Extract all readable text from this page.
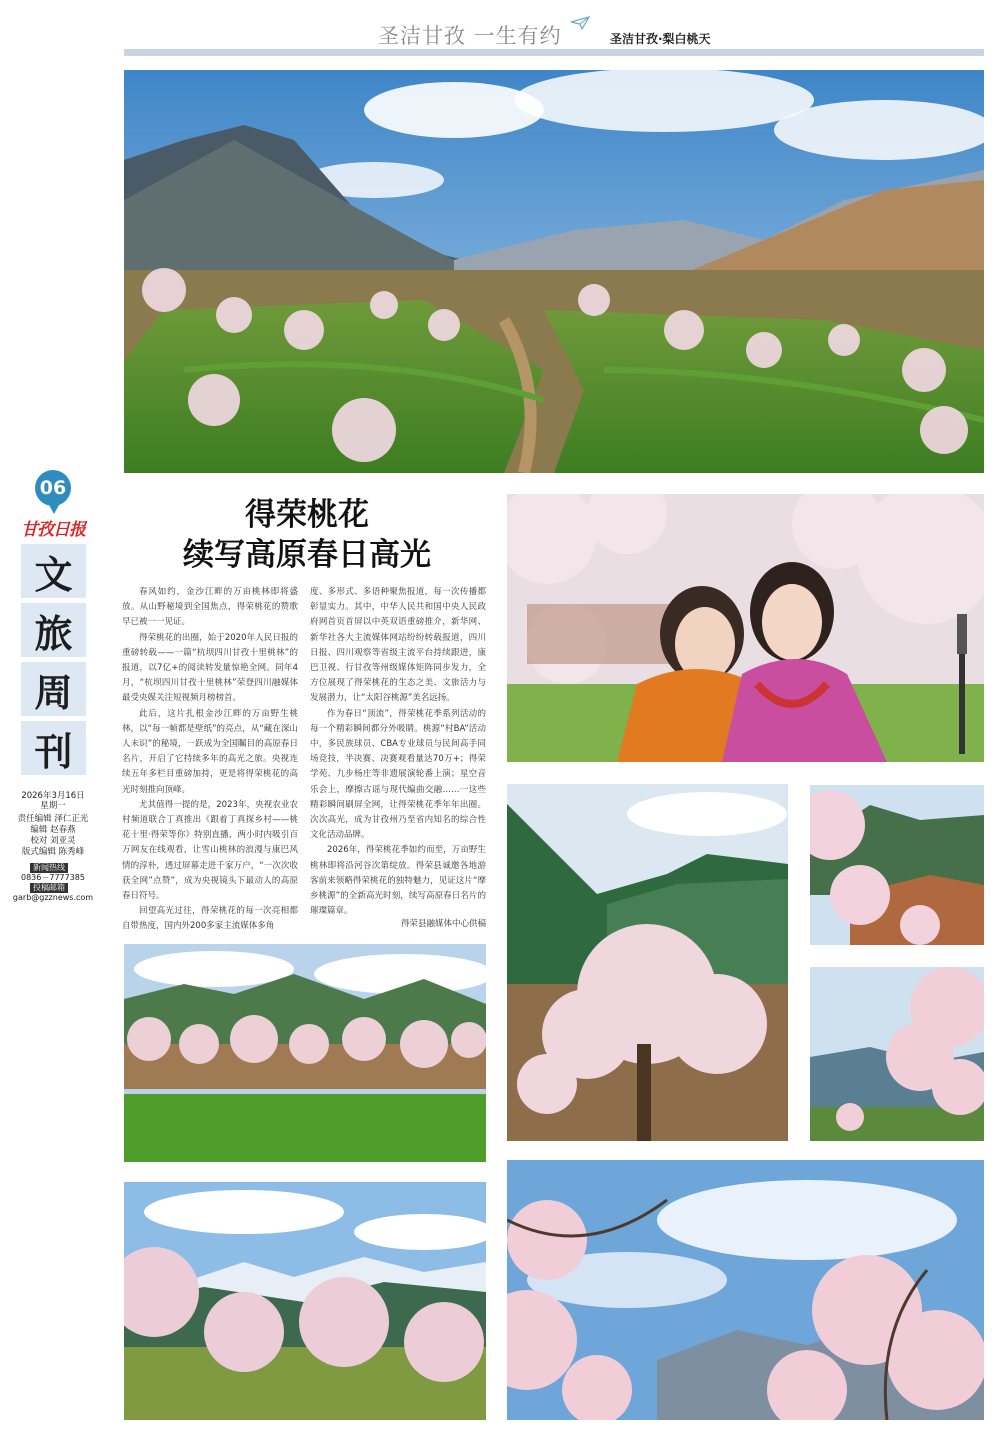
圣洁甘孜 一生有约	圣洁甘孜·梨白桃天
06
甘孜日报
文
旅
周
刊
2026年3月16日
星期一
责任编辑 泽仁正光
编辑 赵春燕
校对 刘亚灵
版式编辑 陈秀峰
新闻热线
0836－7777385
投稿邮箱
garb@gzznews.com
得荣桃花
续写高原春日高光

春风如约，金沙江畔的万亩桃林即将盛放。从山野秘境到全国焦点，得荣桃花的赞歌早已被一一见证。

得荣桃花的出圈，始于2020年人民日报的重磅转载——一篇“杭坝四川甘孜十里桃林”的报道，以7亿+的阅读转发量惊艳全网。同年4月，“杭坝四川甘孜十里桃林”荣登四川融媒体最受央媒关注短视频月榜榜首。

此后，这片扎根金沙江畔的万亩野生桃林，以“每一帧都是壁纸”的亮点，从“藏在深山人未识”的秘境，一跃成为全国瞩目的高原春日名片，开启了它持续多年的高光之旅。央视连续五年多栏目重磅加持，更是将得荣桃花的高光时刻推向顶峰。

尤其值得一提的是，2023年，央视农业农村频道联合丁真推出《跟着丁真探乡村——桃花十里·得荣等你》特别直播，两小时内吸引百万网友在线观看，让雪山桃林的浪漫与康巴风情的淳朴，透过屏幕走进千家万户，“一次次收获全网”点赞”，成为央视镜头下最动人的高原春日符号。

回望高光过往，得荣桃花的每一次亮相都自带热度，国内外200多家主流媒体多角

度、多形式、多语种聚焦报道，每一次传播都彰显实力。其中，中华人民共和国中央人民政府网首页首屏以中英双语重磅推介，新华网、新华社各大主流媒体网站纷纷转载报道，四川日报、四川观察等省级主流平台持续跟进，康巴卫视、行甘孜等州级媒体矩阵同步发力，全方位展现了得荣桃花的生态之美、文旅活力与发展潜力，让“太阳谷桃源”美名远扬。

作为春日“顶流”，得荣桃花季系列活动的每一个精彩瞬间都分外吸睛。桃源“村BA”活动中，多民族球员、CBA专业球员与民间高手同场竞技，半决赛、决赛观看量达70万+；得荣学苑、九步杨庄等非遗展演轮番上演；星空音乐会上，摩擦古谣与现代编曲交融……一这些精彩瞬间刷屏全网，让得荣桃花季年年出圈。次次高光，成为甘孜州乃至省内知名的综合性文化活动品牌。

2026年，得荣桃花季如约而至，万亩野生桃林即将沿河谷次第绽放。得荣县诚邀各地游客前来领略得荣桃花的独特魅力，见证这片“摩乡桃源”的全新高光时刻，续写高原春日名片的璀璨篇章。

得荣县融媒体中心供稿
